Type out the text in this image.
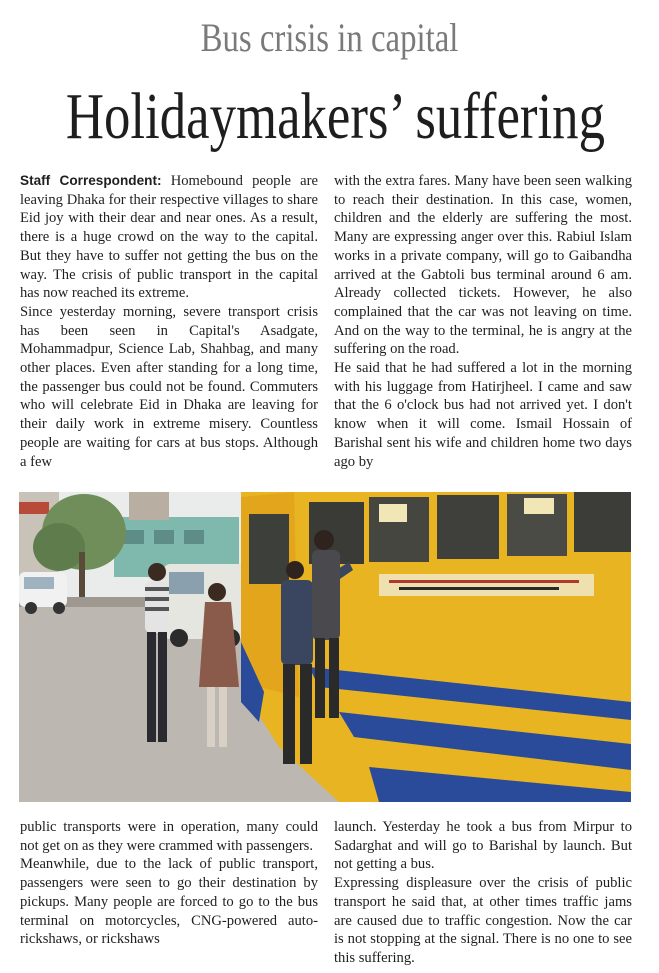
Bus crisis in capital
Holidaymakers’ suffering

Staff Correspondent: Homebound people are leaving Dhaka for their respective villages to share Eid joy with their dear and near ones. As a result, there is a huge crowd on the way to the capital. But they have to suffer not getting the bus on the way. The crisis of public transport in the capital has now reached its extreme.

Since yesterday morning, severe transport crisis has been seen in Capital's Asadgate, Mohammadpur, Science Lab, Shahbag, and many other places. Even after standing for a long time, the passenger bus could not be found. Commuters who will celebrate Eid in Dhaka are leaving for their daily work in extreme misery. Countless people are waiting for cars at bus stops. Although a few

with the extra fares. Many have been seen walking to reach their destination. In this case, women, children and the elderly are suffering the most. Many are expressing anger over this. Rabiul Islam works in a private company, will go to Gaibandha arrived at the Gabtoli bus terminal around 6 am. Already collected tickets. However, he also complained that the car was not leaving on time. And on the way to the terminal, he is angry at the suffering on the road.

He said that he had suffered a lot in the morning with his luggage from Hatirjheel. I came and saw that the 6 o'clock bus had not arrived yet. I don't know when it will come. Ismail Hossain of Barishal sent his wife and children home two days ago by

public transports were in operation, many could not get on as they were crammed with passengers.

Meanwhile, due to the lack of public transport, passengers were seen to go their destination by pickups. Many people are forced to go to the bus terminal on motorcycles, CNG-powered auto-rickshaws, or rickshaws

launch. Yesterday he took a bus from Mirpur to Sadarghat and will go to Barishal by launch. But not getting a bus.

Expressing displeasure over the crisis of public transport he said that, at other times traffic jams are caused due to traffic congestion. Now the car is not stopping at the signal. There is no one to see this suffering.
